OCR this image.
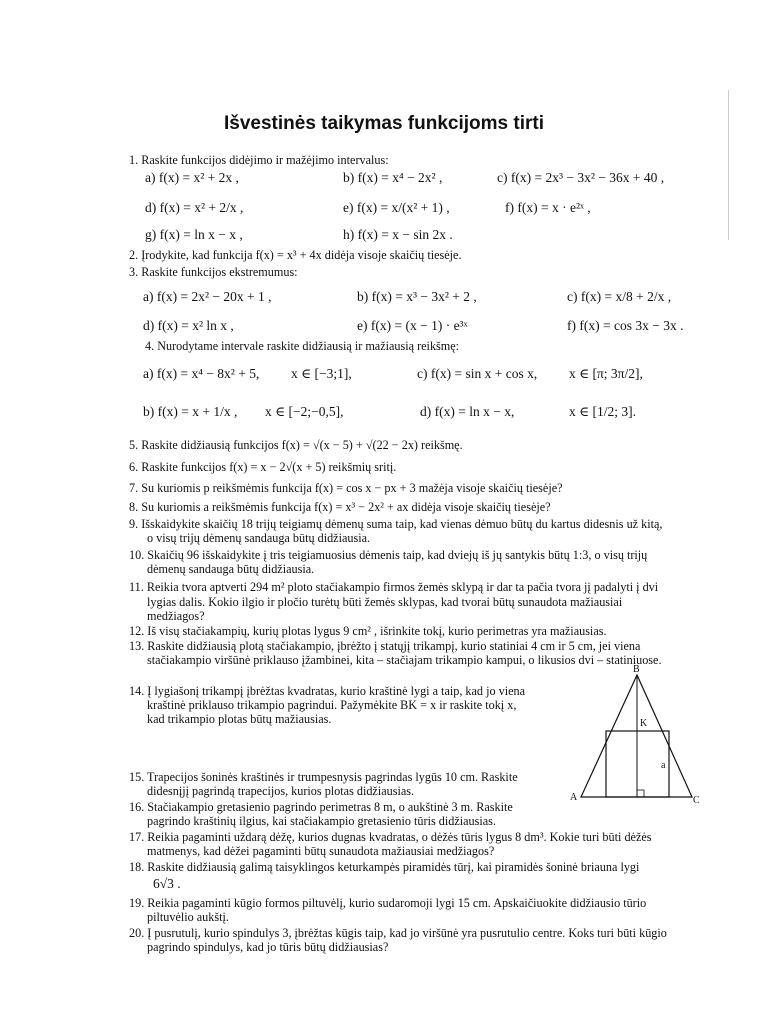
Išvestinės taikymas funkcijoms tirti
1. Raskite funkcijos didėjimo ir mažėjimo intervalus:
a) f(x) = x² + 2x ,	b) f(x) = x⁴ − 2x² ,	c) f(x) = 2x³ − 3x² − 36x + 40 ,
d) f(x) = x² + 2/x ,	e) f(x) = x/(x² + 1) ,	f) f(x) = x · e²ˣ ,
g) f(x) = ln x − x ,	h) f(x) = x − sin 2x .
2. Įrodykite, kad funkcija f(x) = x³ + 4x didėja visoje skaičių tiesėje.
3. Raskite funkcijos ekstremumus:
a) f(x) = 2x² − 20x + 1 ,	b) f(x) = x³ − 3x² + 2 ,	c) f(x) = x/8 + 2/x ,
d) f(x) = x² ln x ,	e) f(x) = (x − 1) · e³ˣ	f) f(x) = cos 3x − 3x .
4. Nurodytame intervale raskite didžiausią ir mažiausią reikšmę:
a) f(x) = x⁴ − 8x² + 5, x ∈ [−3;1],	c) f(x) = sin x + cos x, x ∈ [π; 3π/2],
b) f(x) = x + 1/x , x ∈ [−2;−0,5],	d) f(x) = ln x − x,	x ∈ [1/2; 3].
5. Raskite didžiausią funkcijos f(x) = √(x − 5) + √(22 − 2x) reikšmę.
6. Raskite funkcijos f(x) = x − 2√(x + 5) reikšmių sritį.
7. Su kuriomis p reikšmėmis funkcija f(x) = cos x − px + 3 mažėja visoje skaičių tiesėje?
8. Su kuriomis a reikšmėmis funkcija f(x) = x³ − 2x² + ax didėja visoje skaičių tiesėje?
9. Išskaidykite skaičių 18 trijų teigiamų dėmenų suma taip, kad vienas dėmuo būtų du kartus didesnis už kitą,
o visų trijų dėmenų sandauga būtų didžiausia.
10. Skaičių 96 išskaidykite į tris teigiamuosius dėmenis taip, kad dviejų iš jų santykis būtų 1:3, o visų trijų
dėmenų sandauga būtų didžiausia.
11. Reikia tvora aptverti 294 m² ploto stačiakampio firmos žemės sklypą ir dar ta pačia tvora jį padalyti į dvi
lygias dalis. Kokio ilgio ir pločio turėtų būti žemės sklypas, kad tvorai būtų sunaudota mažiausiai
medžiagos?
12. Iš visų stačiakampių, kurių plotas lygus 9 cm² , išrinkite tokį, kurio perimetras yra mažiausias.
13. Raskite didžiausią plotą stačiakampio, įbrėžto į statųjį trikampį, kurio statiniai 4 cm ir 5 cm, jei viena
stačiakampio viršūnė priklauso įžambinei, kita – stačiajam trikampio kampui, o likusios dvi – statiniuose.
14. Į lygiašonį trikampį įbrėžtas kvadratas, kurio kraštinė lygi a taip, kad jo viena
kraštinė priklauso trikampio pagrindui. Pažymėkite BK = x ir raskite tokį x,
kad trikampio plotas būtų mažiausias.
B
K
A	C
a
15. Trapecijos šoninės kraštinės ir trumpesnysis pagrindas lygūs 10 cm. Raskite
didesnįjį pagrindą trapecijos, kurios plotas didžiausias.
16. Stačiakampio gretasienio pagrindo perimetras 8 m, o aukštinė 3 m. Raskite
pagrindo kraštinių ilgius, kai stačiakampio gretasienio tūris didžiausias.
17. Reikia pagaminti uždarą dėžę, kurios dugnas kvadratas, o dėžės tūris lygus 8 dm³. Kokie turi būti dėžės
matmenys, kad dėžei pagaminti būtų sunaudota mažiausiai medžiagos?
18. Raskite didžiausią galimą taisyklingos keturkampės piramidės tūrį, kai piramidės šoninė briauna lygi
6√3 .
19. Reikia pagaminti kūgio formos piltuvėlį, kurio sudaromoji lygi 15 cm. Apskaičiuokite didžiausio tūrio
piltuvėlio aukštį.
20. Į pusrutulį, kurio spindulys 3, įbrėžtas kūgis taip, kad jo viršūnė yra pusrutulio centre. Koks turi būti kūgio
pagrindo spindulys, kad jo tūris būtų didžiausias?
